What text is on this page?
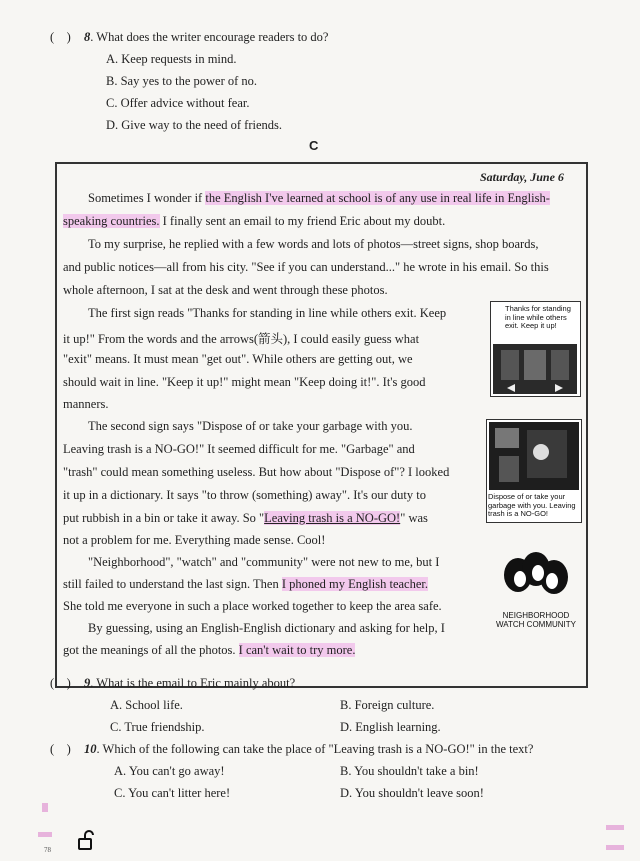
(    ) 8. What does the writer encourage readers to do?
A. Keep requests in mind.
B. Say yes to the power of no.
C. Offer advice without fear.
D. Give way to the need of friends.
C
Saturday, June 6
Sometimes I wonder if the English I've learned at school is of any use in real life in English-
speaking countries. I finally sent an email to my friend Eric about my doubt.
To my surprise, he replied with a few words and lots of photos—street signs, shop boards,
and public notices—all from his city. "See if you can understand..." he wrote in his email. So this
whole afternoon, I sat at the desk and went through these photos.
The first sign reads "Thanks for standing in line while others exit. Keep
it up!" From the words and the arrows(箭头), I could easily guess what
"exit" means. It must mean "get out". While others are getting out, we
should wait in line. "Keep it up!" might mean "Keep doing it!". It's good
manners.
The second sign says "Dispose of or take your garbage with you.
Leaving trash is a NO-GO!" It seemed difficult for me. "Garbage" and
"trash" could mean something useless. But how about "Dispose of"? I looked
it up in a dictionary. It says "to throw (something) away". It's our duty to
put rubbish in a bin or take it away. So "Leaving trash is a NO-GO!" was
not a problem for me. Everything made sense. Cool!
"Neighborhood", "watch" and "community" were not new to me, but I
still failed to understand the last sign. Then I phoned my English teacher.
She told me everyone in such a place worked together to keep the area safe.
By guessing, using an English-English dictionary and asking for help, I
got the meanings of all the photos. I can't wait to try more.
Thanks for standing in line while others exit. Keep it up!
Dispose of or take your garbage with you. Leaving trash is a NO-GO!
NEIGHBORHOOD WATCH COMMUNITY
(    ) 9. What is the email to Eric mainly about?
A. School life.	B. Foreign culture.
C. True friendship.	D. English learning.
(    ) 10. Which of the following can take the place of "Leaving trash is a NO-GO!" in the text?
A. You can't go away!	B. You shouldn't take a bin!
C. You can't litter here!	D. You shouldn't leave soon!
78
